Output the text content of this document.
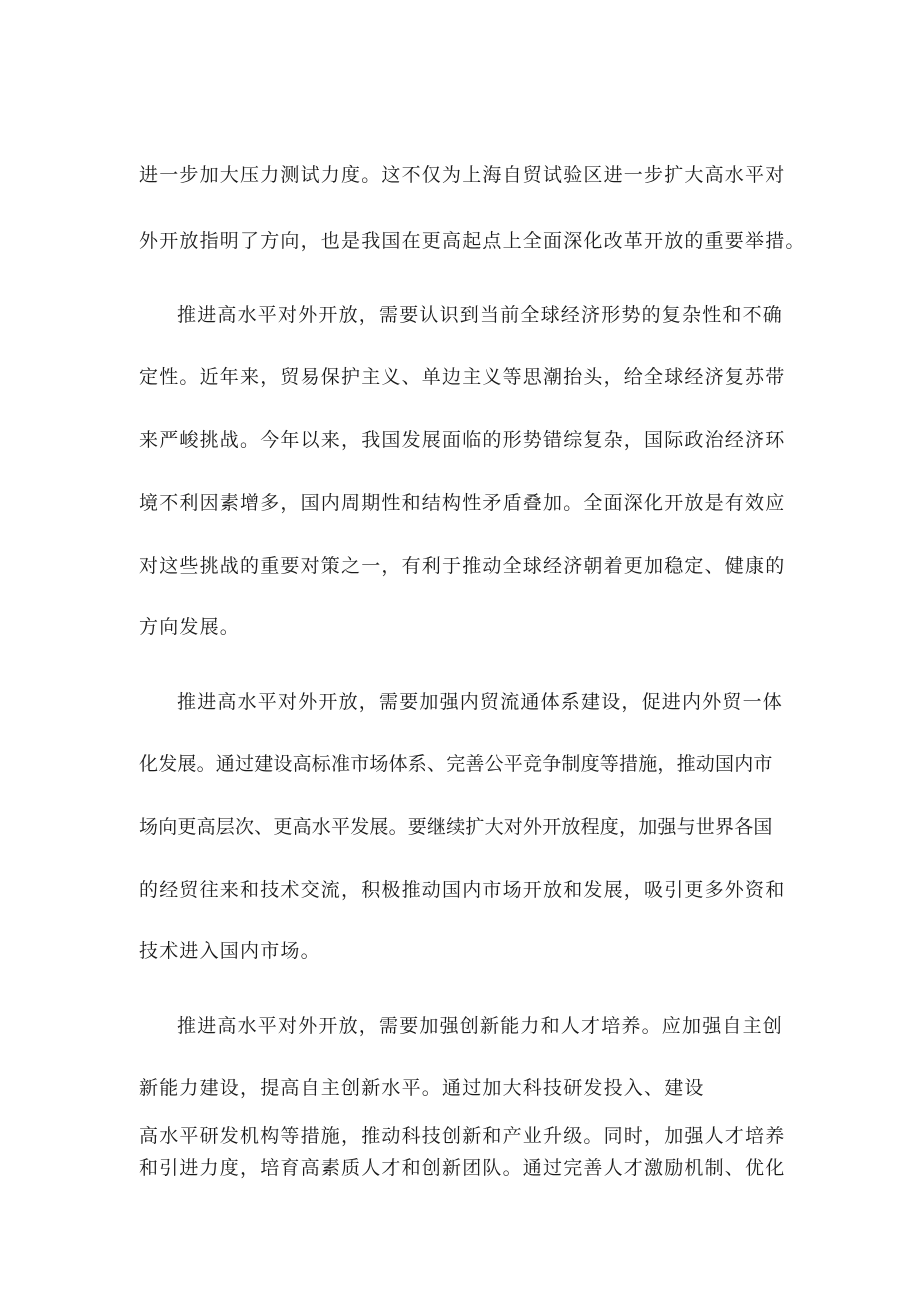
进一步加大压力测试力度。这不仅为上海自贸试验区进一步扩大高水平对
外开放指明了方向，也是我国在更高起点上全面深化改革开放的重要举措。
推进高水平对外开放，需要认识到当前全球经济形势的复杂性和不确
定性。近年来，贸易保护主义、单边主义等思潮抬头，给全球经济复苏带
来严峻挑战。今年以来，我国发展面临的形势错综复杂，国际政治经济环
境不利因素增多，国内周期性和结构性矛盾叠加。全面深化开放是有效应
对这些挑战的重要对策之一，有利于推动全球经济朝着更加稳定、健康的
方向发展。
推进高水平对外开放，需要加强内贸流通体系建设，促进内外贸一体
化发展。通过建设高标准市场体系、完善公平竞争制度等措施，推动国内市
场向更高层次、更高水平发展。要继续扩大对外开放程度，加强与世界各国
的经贸往来和技术交流，积极推动国内市场开放和发展，吸引更多外资和
技术进入国内市场。
推进高水平对外开放，需要加强创新能力和人才培养。应加强自主创
新能力建设，提高自主创新水平。通过加大科技研发投入、建设
高水平研发机构等措施，推动科技创新和产业升级。同时，加强人才培养
和引进力度，培育高素质人才和创新团队。通过完善人才激励机制、优化
